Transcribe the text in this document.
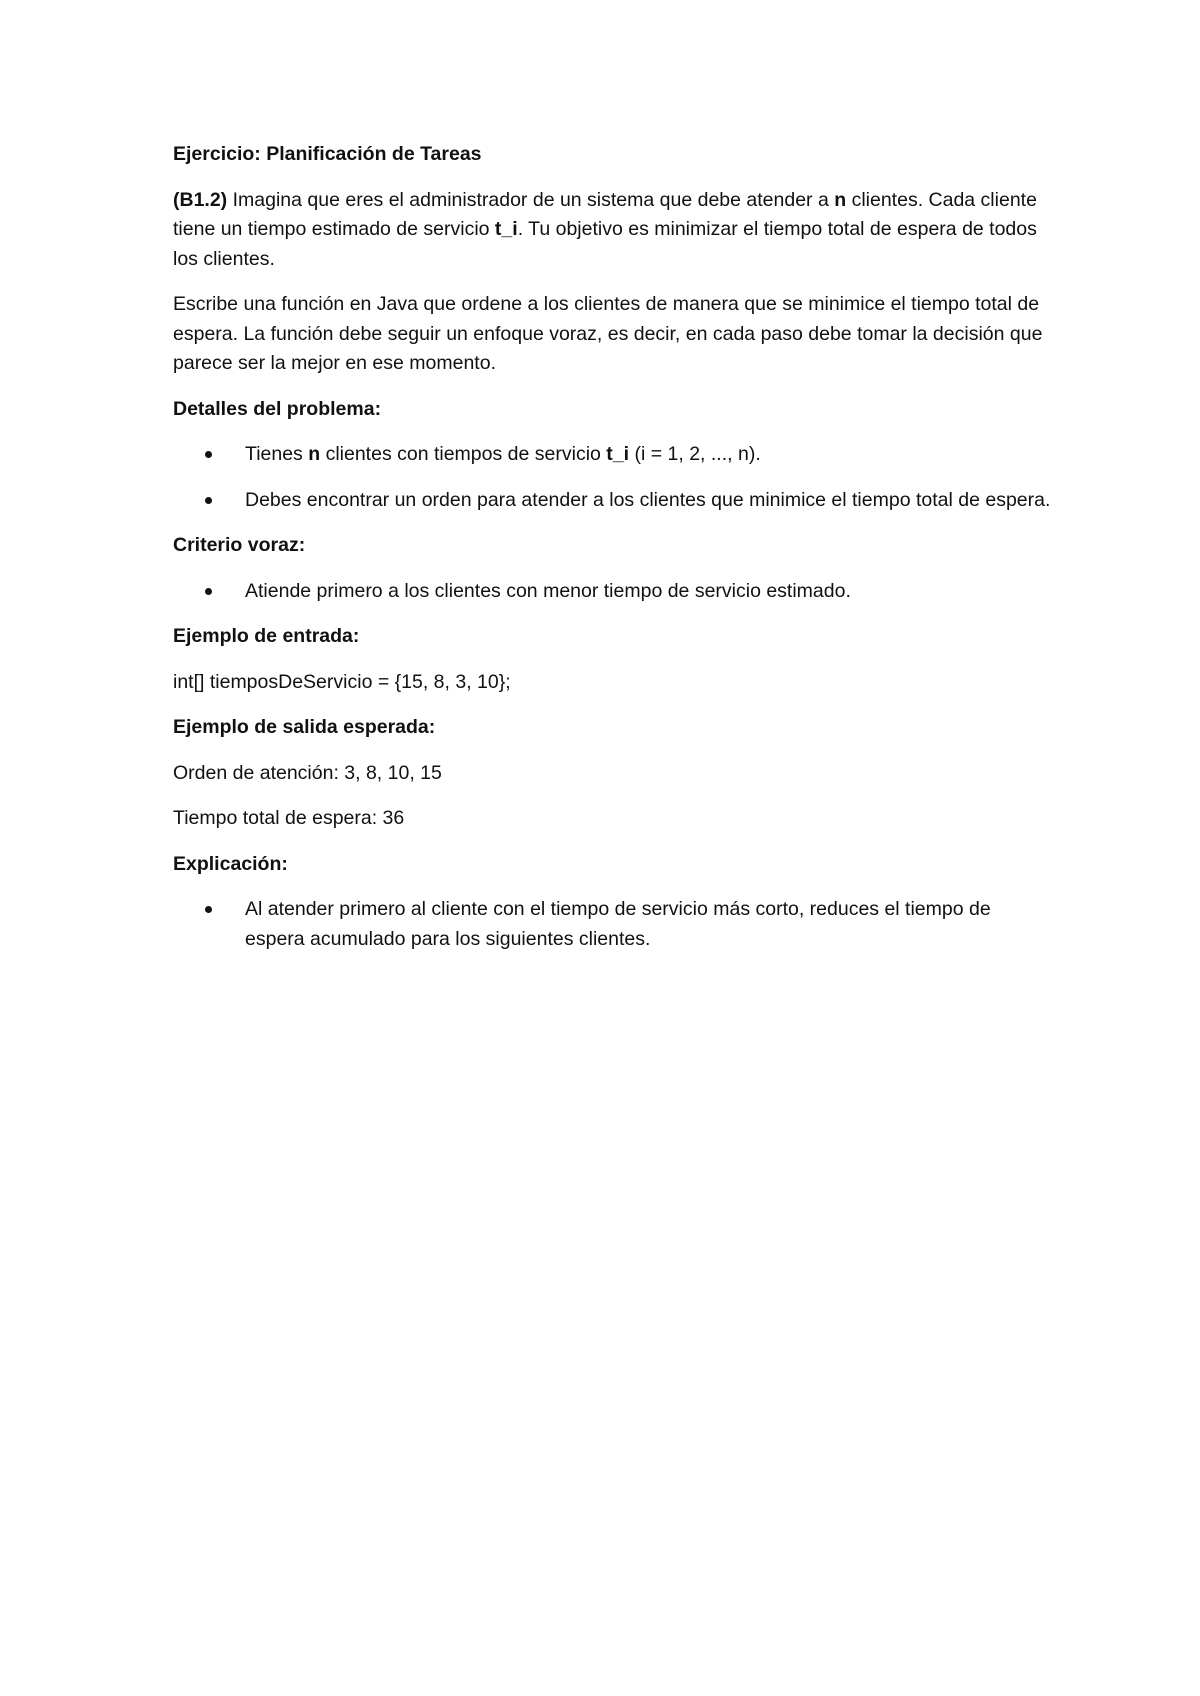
Ejercicio: Planificación de Tareas

(B1.2) Imagina que eres el administrador de un sistema que debe atender a n clientes. Cada cliente tiene un tiempo estimado de servicio t_i. Tu objetivo es minimizar el tiempo total de espera de todos los clientes.

Escribe una función en Java que ordene a los clientes de manera que se minimice el tiempo total de espera. La función debe seguir un enfoque voraz, es decir, en cada paso debe tomar la decisión que parece ser la mejor en ese momento.

Detalles del problema:

Tienes n clientes con tiempos de servicio t_i (i = 1, 2, ..., n).
Debes encontrar un orden para atender a los clientes que minimice el tiempo total de espera.

Criterio voraz:

Atiende primero a los clientes con menor tiempo de servicio estimado.

Ejemplo de entrada:

int[] tiemposDeServicio = {15, 8, 3, 10};

Ejemplo de salida esperada:

Orden de atención: 3, 8, 10, 15

Tiempo total de espera: 36

Explicación:

Al atender primero al cliente con el tiempo de servicio más corto, reduces el tiempo de espera acumulado para los siguientes clientes.
